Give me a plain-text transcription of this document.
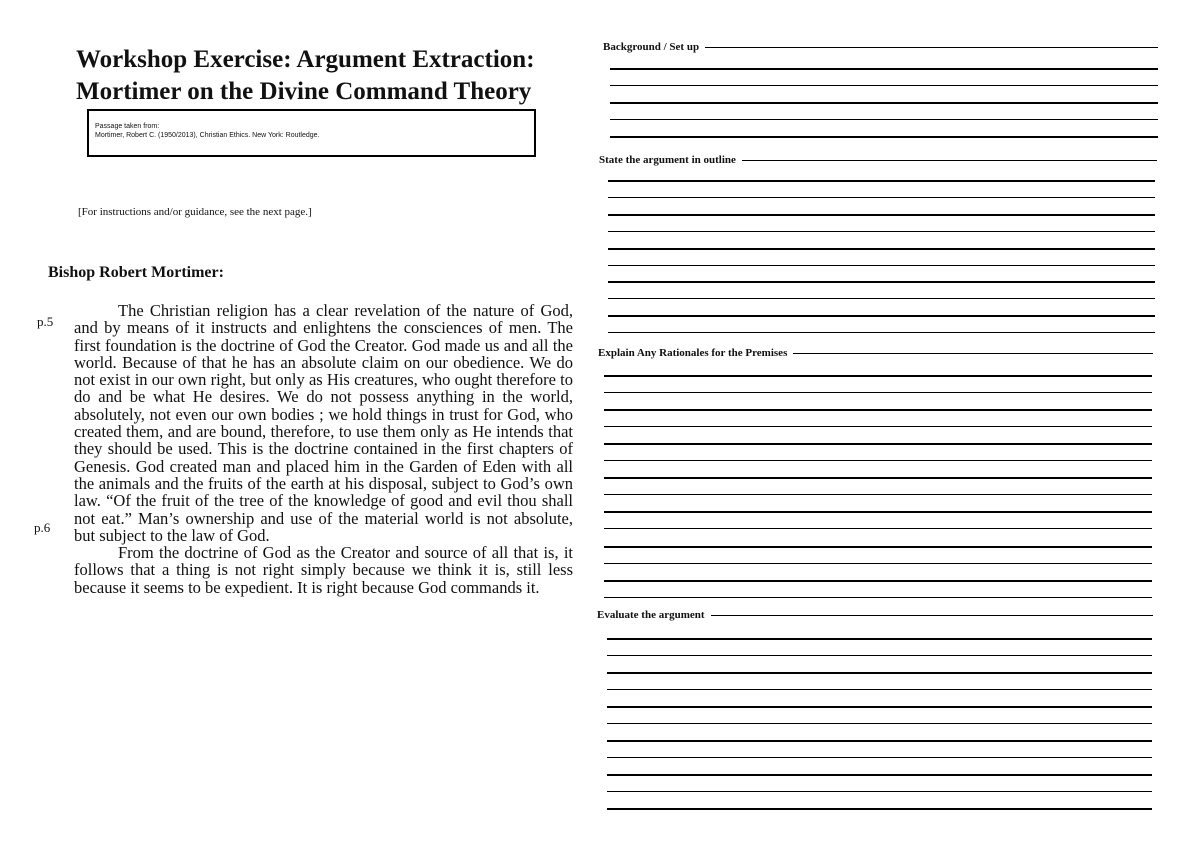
Workshop Exercise: Argument Extraction:
Mortimer on the Divine Command Theory
Passage taken from:
Mortimer, Robert C. (1950/2013), Christian Ethics. New York: Routledge.
[For instructions and/or guidance, see the next page.]
Bishop Robert Mortimer:
p.5
p.6

The Christian religion has a clear revelation of the nature of God, and by means of it instructs and enlightens the consciences of men. The first foundation is the doctrine of God the Creator. God made us and all the world. Because of that he has an absolute claim on our obedience. We do not exist in our own right, but only as His creatures, who ought therefore to do and be what He desires. We do not possess anything in the world, absolutely, not even our own bodies ; we hold things in trust for God, who created them, and are bound, therefore, to use them only as He intends that they should be used. This is the doctrine contained in the first chapters of Genesis. God created man and placed him in the Garden of Eden with all the animals and the fruits of the earth at his disposal, subject to God’s own law. “Of the fruit of the tree of the knowledge of good and evil thou shall not eat.” Man’s ownership and use of the material world is not absolute, but subject to the law of God.

From the doctrine of God as the Creator and source of all that is, it follows that a thing is not right simply because we think it is, still less because it seems to be expedient. It is right because God commands it.

Background / Set up
State the argument in outline
Explain Any Rationales for the Premises
Evaluate the argument
